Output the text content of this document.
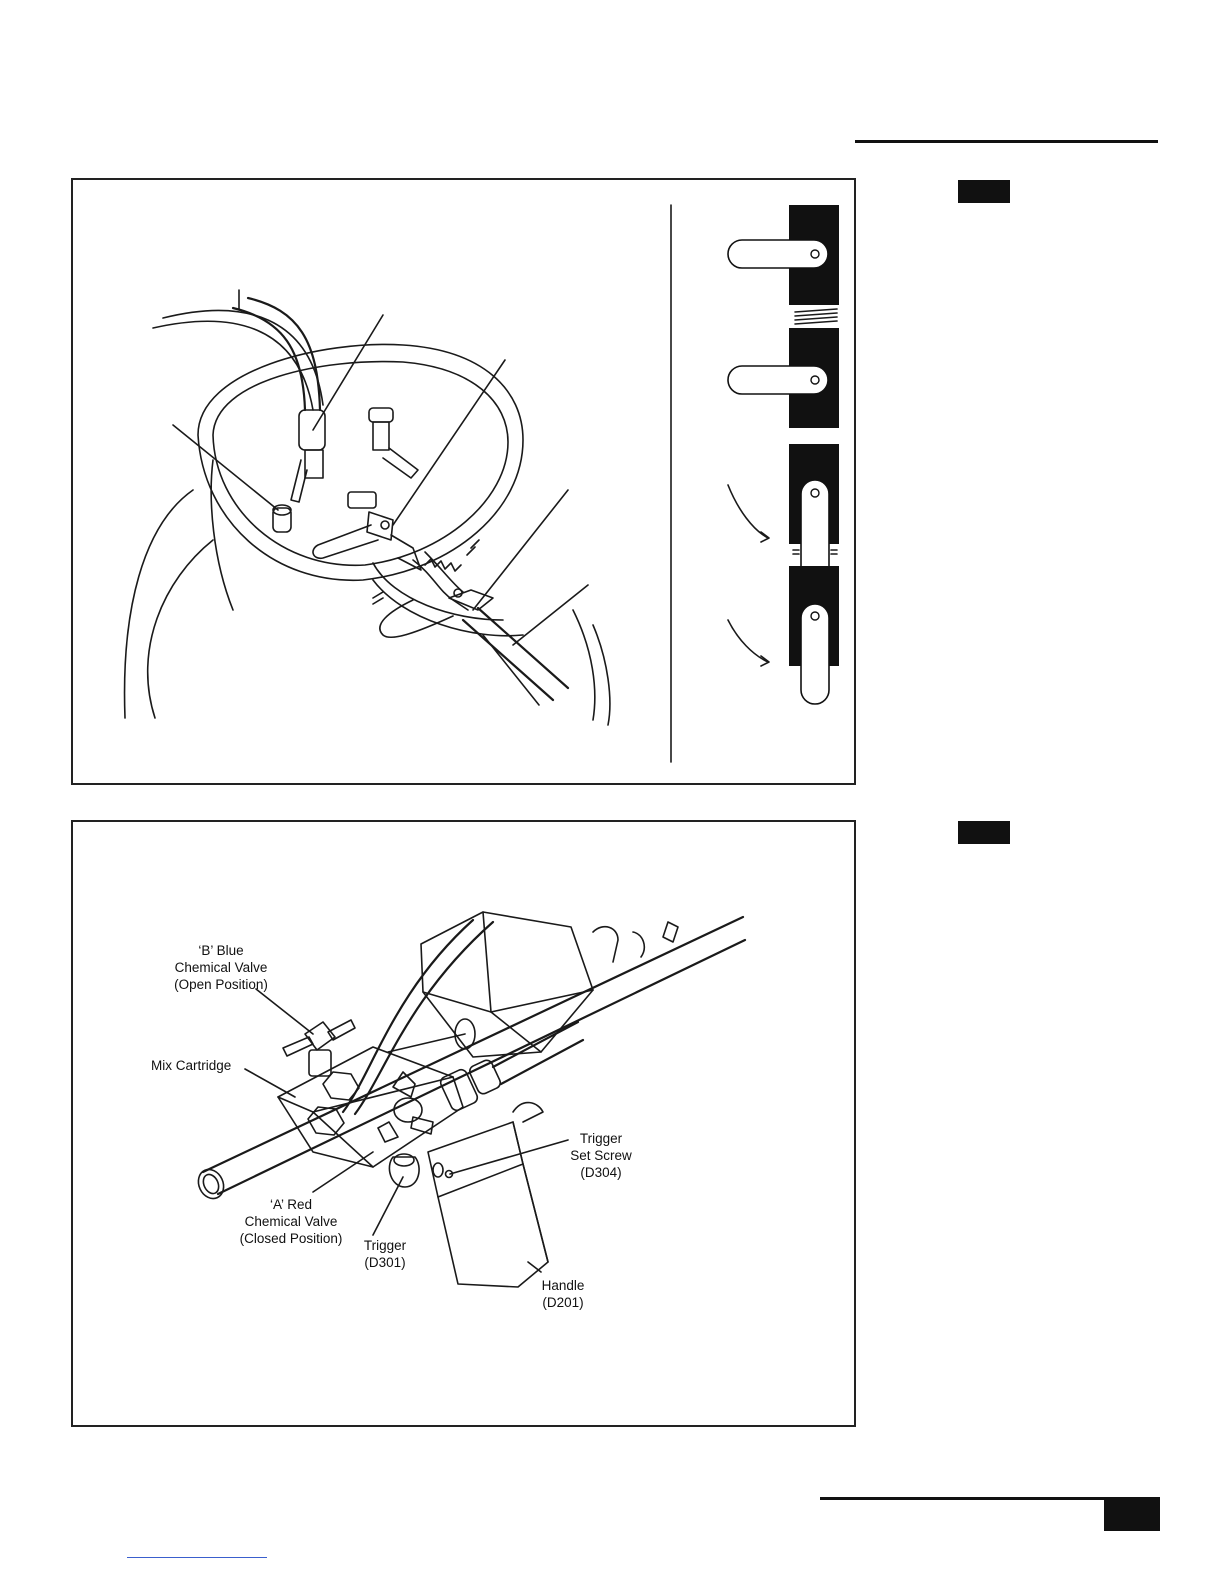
‘B’ Blue
Chemical Valve
(Open Position)
Mix Cartridge
‘A’ Red
Chemical Valve
(Closed Position)	Trigger
(D301)
Trigger
Set Screw
(D304)
Handle
(D201)
